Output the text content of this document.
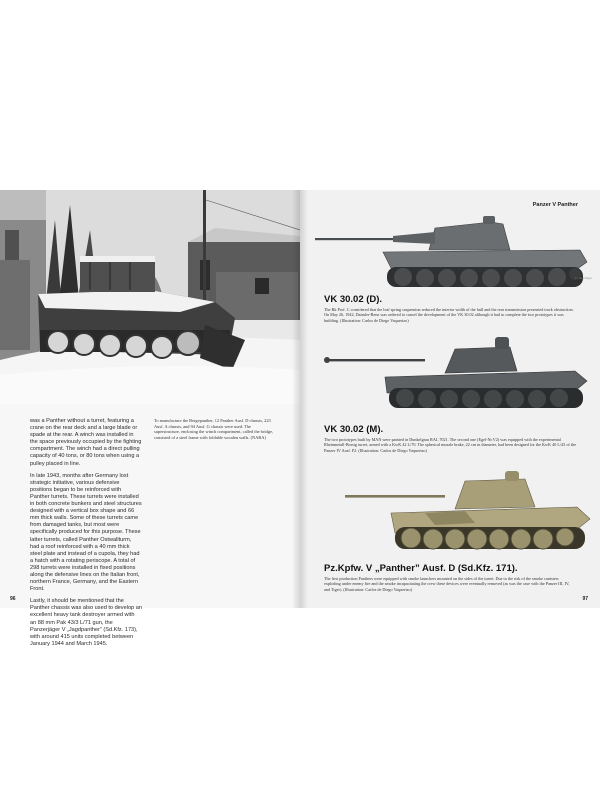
was a Panther without a turret, featuring a crane on the rear deck and a large blade or spade at the rear. A winch was installed in the space previously occupied by the fighting compartment. The winch had a direct pulling capacity of 40 tons, or 80 tons when using a pulley placed in line.

In late 1943, months after Germany lost strategic initiative, various defensive positions began to be reinforced with Panther turrets. These turrets were installed in both concrete bunkers and steel structures designed with a vertical box shape and 66 mm thick walls. Some of these turrets came from damaged tanks, but most were specifically produced for this purpose. These latter turrets, called Panther Ostwallturm, had a roof reinforced with a 40 mm thick steel plate and instead of a cupola, they had a hatch with a rotating periscope. A total of 298 turrets were installed in fixed positions along the defensive lines on the Italian front, northern France, Germany, and the Eastern Front.

Lastly, it should be mentioned that the Panther chassis was also used to develop an excellent heavy tank destroyer armed with an 88 mm Pak 43/3 L/71 gun, the Panzerjäger V „Jagdpanther” (Sd.Kfz. 173), with around 415 units completed between January 1944 and March 1945.

To manufacture the Bergepanther, 12 Panther Ausf. D chassis, 223 Ausf. A chassis, and 94 Ausf. G chassis were used. The superstructure, enclosing the winch compartment, called the bridge, consisted of a steel frame with foldable wooden walls. (NARA)
96
Panzer V Panther
97
C. de Diego
VK 30.02 (D).
The Bk Prof. C considered that the leaf spring suspension reduced the interior width of the hull and the rear transmission presented track obstruction. On May 26, 1942, Daimler-Benz was ordered to cancel the development of the VK 30.02 although it had to complete the two prototypes it was building. (Illustration: Carlos de Diego Vaquerizo)
VK 30.02 (M).
The two prototypes built by MAN were painted in Dunkelgrau RAL 7021. The second one (Egel-Nr.V2) was equipped with the experimental Rheinmetall-Borsig turret, armed with a KwK 42 L/70. The spherical muzzle brake, 22 cm in diameter, had been designed for the KwK 40 L/43 of the Panzer IV Ausf. F2. (Illustration: Carlos de Diego Vaquerizo)
Pz.Kpfw. V „Panther” Ausf. D (Sd.Kfz. 171).
The first production Panthers were equipped with smoke launchers mounted on the sides of the turret. Due to the risk of the smoke canisters exploding under enemy fire and the smoke incapacitating the crew these devices were eventually removed (as was the case with the Panzer III, IV, and Tiger). (Illustration: Carlos de Diego Vaquerizo)
